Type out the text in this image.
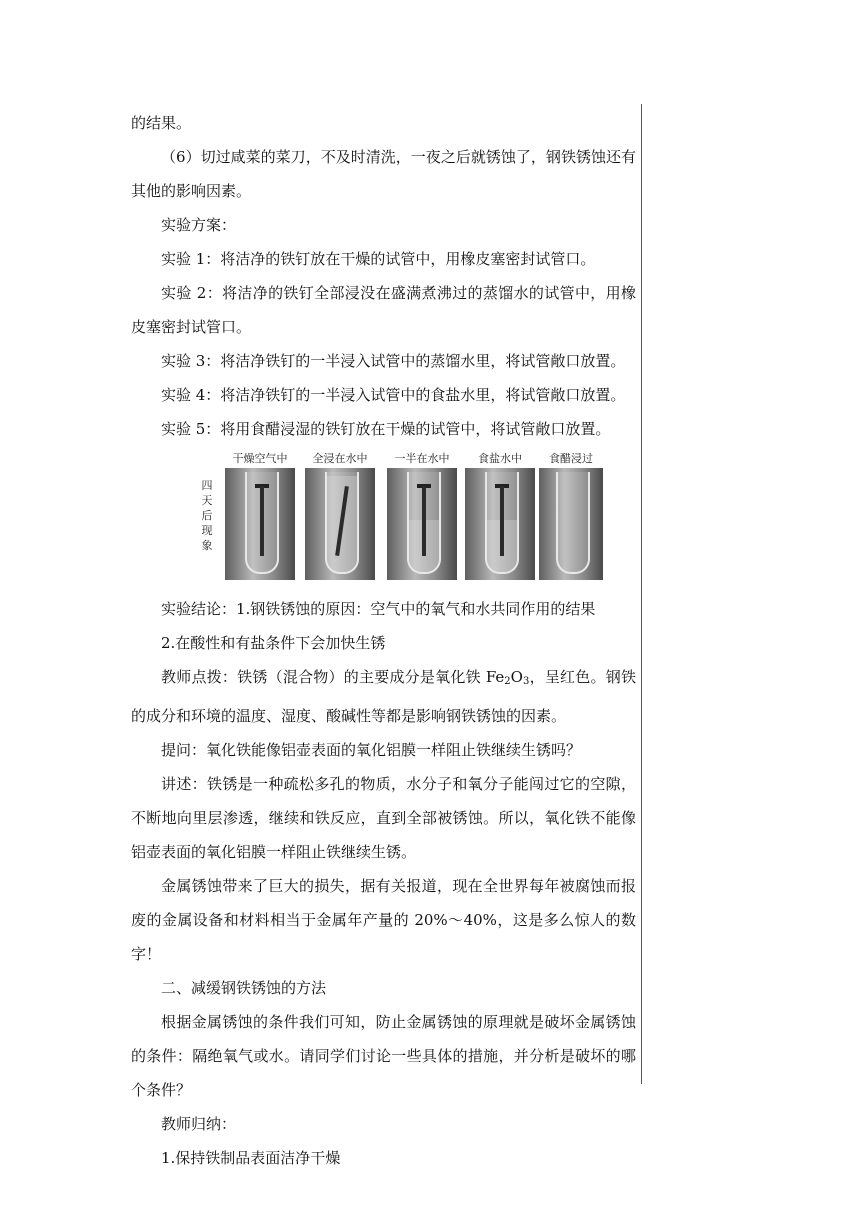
的结果。

（6）切过咸菜的菜刀，不及时清洗，一夜之后就锈蚀了，钢铁锈蚀还有其他的影响因素。

实验方案：

实验 1：将洁净的铁钉放在干燥的试管中，用橡皮塞密封试管口。

实验 2：将洁净的铁钉全部浸没在盛满煮沸过的蒸馏水的试管中，用橡皮塞密封试管口。

实验 3：将洁净铁钉的一半浸入试管中的蒸馏水里，将试管敞口放置。

实验 4：将洁净铁钉的一半浸入试管中的食盐水里，将试管敞口放置。

实验 5：将用食醋浸湿的铁钉放在干燥的试管中，将试管敞口放置。

四天后现象
干燥空气中	全浸在水中	一半在水中	食盐水中	食醋浸过

实验结论：1.钢铁锈蚀的原因：空气中的氧气和水共同作用的结果

2.在酸性和有盐条件下会加快生锈

教师点拨：铁锈（混合物）的主要成分是氧化铁 $Fe_2O_3$，呈红色。钢铁的成分和环境的温度、湿度、酸碱性等都是影响钢铁锈蚀的因素。

提问：氧化铁能像铝壶表面的氧化铝膜一样阻止铁继续生锈吗？

讲述：铁锈是一种疏松多孔的物质，水分子和氧分子能闯过它的空隙，不断地向里层渗透，继续和铁反应，直到全部被锈蚀。所以，氧化铁不能像铝壶表面的氧化铝膜一样阻止铁继续生锈。

金属锈蚀带来了巨大的损失，据有关报道，现在全世界每年被腐蚀而报废的金属设备和材料相当于金属年产量的 20%～40%，这是多么惊人的数字！

二、减缓钢铁锈蚀的方法

根据金属锈蚀的条件我们可知，防止金属锈蚀的原理就是破坏金属锈蚀的条件：隔绝氧气或水。请同学们讨论一些具体的措施，并分析是破坏的哪个条件？

教师归纳：

1.保持铁制品表面洁净干燥
